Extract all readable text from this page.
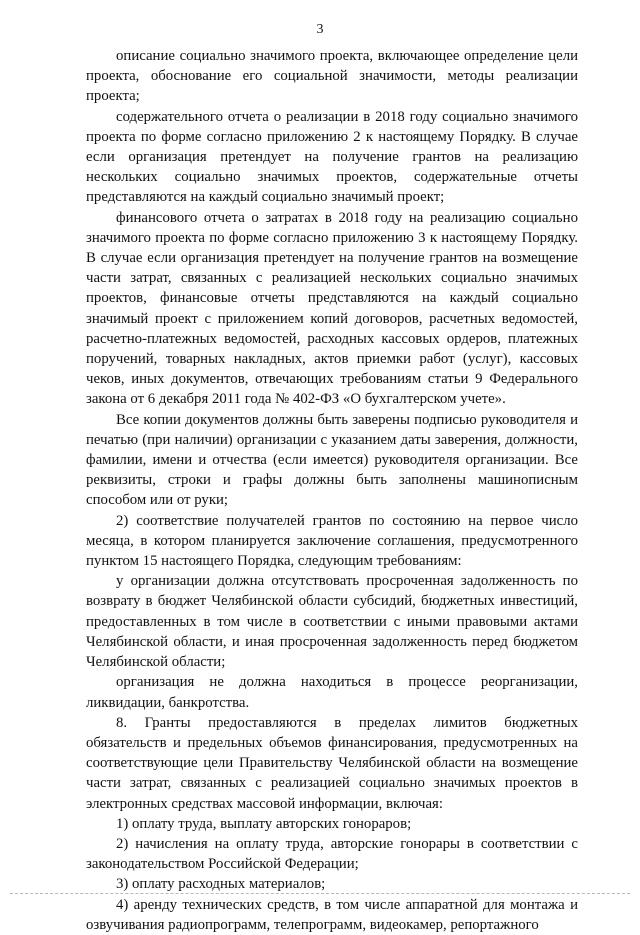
3

описание социально значимого проекта, включающее определение цели проекта, обоснование его социальной значимости, методы реализации проекта;

содержательного отчета о реализации в 2018 году социально значимого проекта по форме согласно приложению 2 к настоящему Порядку. В случае если организация претендует на получение грантов на реализацию нескольких социально значимых проектов, содержательные отчеты представляются на каждый социально значимый проект;

финансового отчета о затратах в 2018 году на реализацию социально значимого проекта по форме согласно приложению 3 к настоящему Порядку. В случае если организация претендует на получение грантов на возмещение части затрат, связанных с реализацией нескольких социально значимых проектов, финансовые отчеты представляются на каждый социально значимый проект с приложением копий договоров, расчетных ведомостей, расчетно-платежных ведомостей, расходных кассовых ордеров, платежных поручений, товарных накладных, актов приемки работ (услуг), кассовых чеков, иных документов, отвечающих требованиям статьи 9 Федерального закона от 6 декабря 2011 года № 402-ФЗ «О бухгалтерском учете».

Все копии документов должны быть заверены подписью руководителя и печатью (при наличии) организации с указанием даты заверения, должности, фамилии, имени и отчества (если имеется) руководителя организации. Все реквизиты, строки и графы должны быть заполнены машинописным способом или от руки;

2) соответствие получателей грантов по состоянию на первое число месяца, в котором планируется заключение соглашения, предусмотренного пунктом 15 настоящего Порядка, следующим требованиям:

у организации должна отсутствовать просроченная задолженность по возврату в бюджет Челябинской области субсидий, бюджетных инвестиций, предоставленных в том числе в соответствии с иными правовыми актами Челябинской области, и иная просроченная задолженность перед бюджетом Челябинской области;

организация не должна находиться в процессе реорганизации, ликвидации, банкротства.

8. Гранты предоставляются в пределах лимитов бюджетных обязательств и предельных объемов финансирования, предусмотренных на соответствующие цели Правительству Челябинской области на возмещение части затрат, связанных с реализацией социально значимых проектов в электронных средствах массовой информации, включая:

1) оплату труда, выплату авторских гонораров;

2) начисления на оплату труда, авторские гонорары в соответствии с законодательством Российской Федерации;

3) оплату расходных материалов;

4) аренду технических средств, в том числе аппаратной для монтажа и озвучивания радиопрограмм, телепрограмм, видеокамер, репортажного
